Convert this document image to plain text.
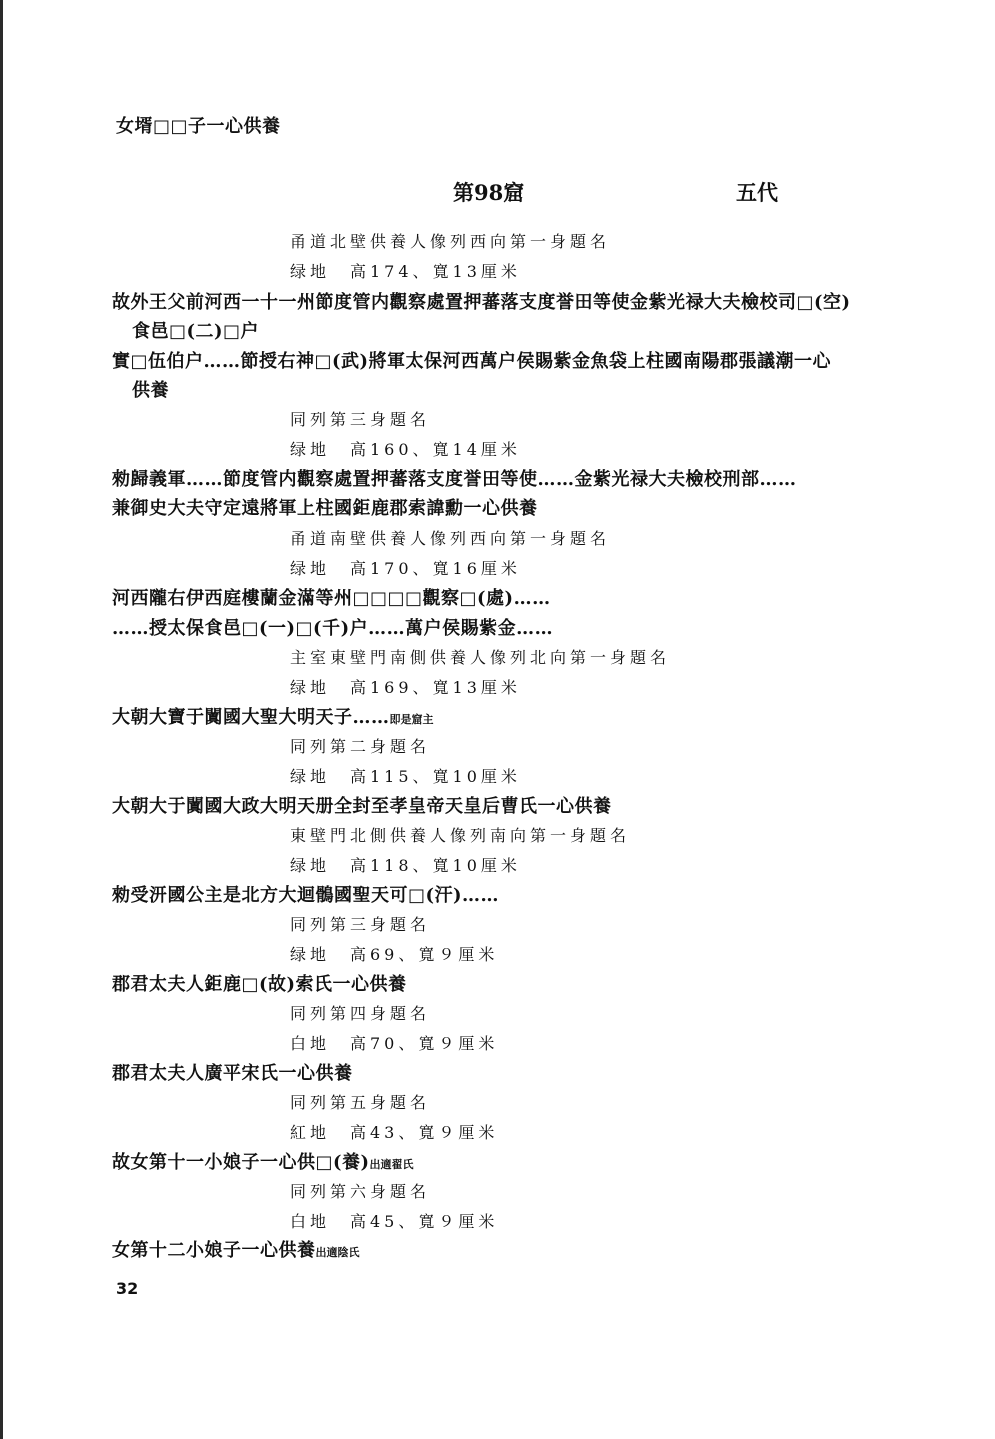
女壻□□子一心供養
第98窟	五代
甬道北壁供養人像列西向第一身題名
绿地　高174、寬13厘米
故外王父前河西一十一州節度管内觀察處置押蕃落支度誉田等使金紫光禄大夫檢校司□(空)
食邑□(二)□户
實□伍伯户……節授右神□(武)將軍太保河西萬户侯賜紫金魚袋上柱國南陽郡張議潮一心
供養
同列第三身題名
绿地　高160、寬14厘米
勑歸義軍……節度管内觀察處置押蕃落支度誉田等使……金紫光禄大夫檢校刑部……
兼御史大夫守定遠將軍上柱國鉅鹿郡索諱勳一心供養
甬道南壁供養人像列西向第一身題名
绿地　高170、寬16厘米
河西隴右伊西庭樓蘭金滿等州□□□□觀察□(處)……
……授太保食邑□(一)□(千)户……萬户侯賜紫金……
主室東壁門南側供養人像列北向第一身題名
绿地　高169、寬13厘米
大朝大寶于闐國大聖大明天子……即是窟主
同列第二身題名
绿地　高115、寬10厘米
大朝大于闐國大政大明天册全封至孝皇帝天皇后曹氏一心供養
東壁門北側供養人像列南向第一身題名
绿地　高118、寬10厘米
勑受汧國公主是北方大迴鶻國聖天可□(汗)……
同列第三身題名
绿地　高69、寬９厘米
郡君太夫人鉅鹿□(故)索氏一心供養
同列第四身題名
白地　高70、寬９厘米
郡君太夫人廣平宋氏一心供養
同列第五身題名
紅地　高43、寬９厘米
故女第十一小娘子一心供□(養)出適翟氏
同列第六身題名
白地　高45、寬９厘米
女第十二小娘子一心供養出適陰氏
32
